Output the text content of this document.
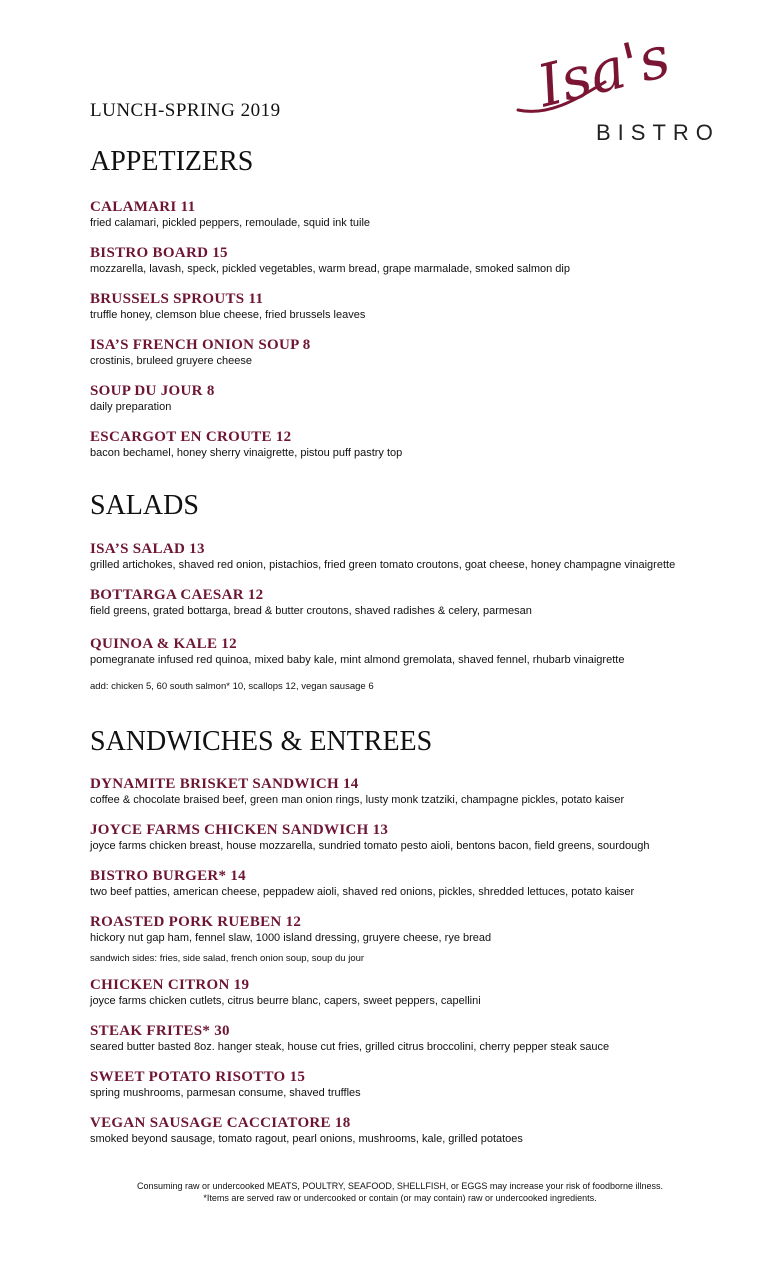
Isa's
BISTRO
LUNCH-SPRING 2019
APPETIZERS
CALAMARI 11
fried calamari, pickled peppers, remoulade, squid ink tuile
BISTRO BOARD 15
mozzarella, lavash, speck, pickled vegetables, warm bread, grape marmalade, smoked salmon dip
BRUSSELS SPROUTS 11
truffle honey, clemson blue cheese, fried brussels leaves
ISA’S FRENCH ONION SOUP 8
crostinis, bruleed gruyere cheese
SOUP DU JOUR 8
daily preparation
ESCARGOT EN CROUTE 12
bacon bechamel, honey sherry vinaigrette, pistou puff pastry top
SALADS
ISA’S SALAD 13
grilled artichokes, shaved red onion, pistachios, fried green tomato croutons, goat cheese, honey champagne vinaigrette
BOTTARGA CAESAR 12
field greens, grated bottarga, bread & butter croutons, shaved radishes & celery, parmesan
QUINOA & KALE 12
pomegranate infused red quinoa, mixed baby kale, mint almond gremolata, shaved fennel, rhubarb vinaigrette
add: chicken 5, 60 south salmon* 10, scallops 12, vegan sausage 6
SANDWICHES & ENTREES
DYNAMITE BRISKET SANDWICH 14
coffee & chocolate braised beef, green man onion rings, lusty monk tzatziki, champagne pickles, potato kaiser
JOYCE FARMS CHICKEN SANDWICH 13
joyce farms chicken breast, house mozzarella, sundried tomato pesto aioli, bentons bacon, field greens, sourdough
BISTRO BURGER* 14
two beef patties, american cheese, peppadew aioli, shaved red onions, pickles, shredded lettuces, potato kaiser
ROASTED PORK RUEBEN 12
hickory nut gap ham, fennel slaw, 1000 island dressing, gruyere cheese, rye bread
sandwich sides: fries, side salad, french onion soup, soup du jour
CHICKEN CITRON 19
joyce farms chicken cutlets, citrus beurre blanc, capers, sweet peppers, capellini
STEAK FRITES* 30
seared butter basted 8oz. hanger steak, house cut fries, grilled citrus broccolini, cherry pepper steak sauce
SWEET POTATO RISOTTO 15
spring mushrooms, parmesan consume, shaved truffles
VEGAN SAUSAGE CACCIATORE 18
smoked beyond sausage, tomato ragout, pearl onions, mushrooms, kale, grilled potatoes
Consuming raw or undercooked MEATS, POULTRY, SEAFOOD, SHELLFISH, or EGGS may increase your risk of foodborne illness.
*Items are served raw or undercooked or contain (or may contain) raw or undercooked ingredients.
